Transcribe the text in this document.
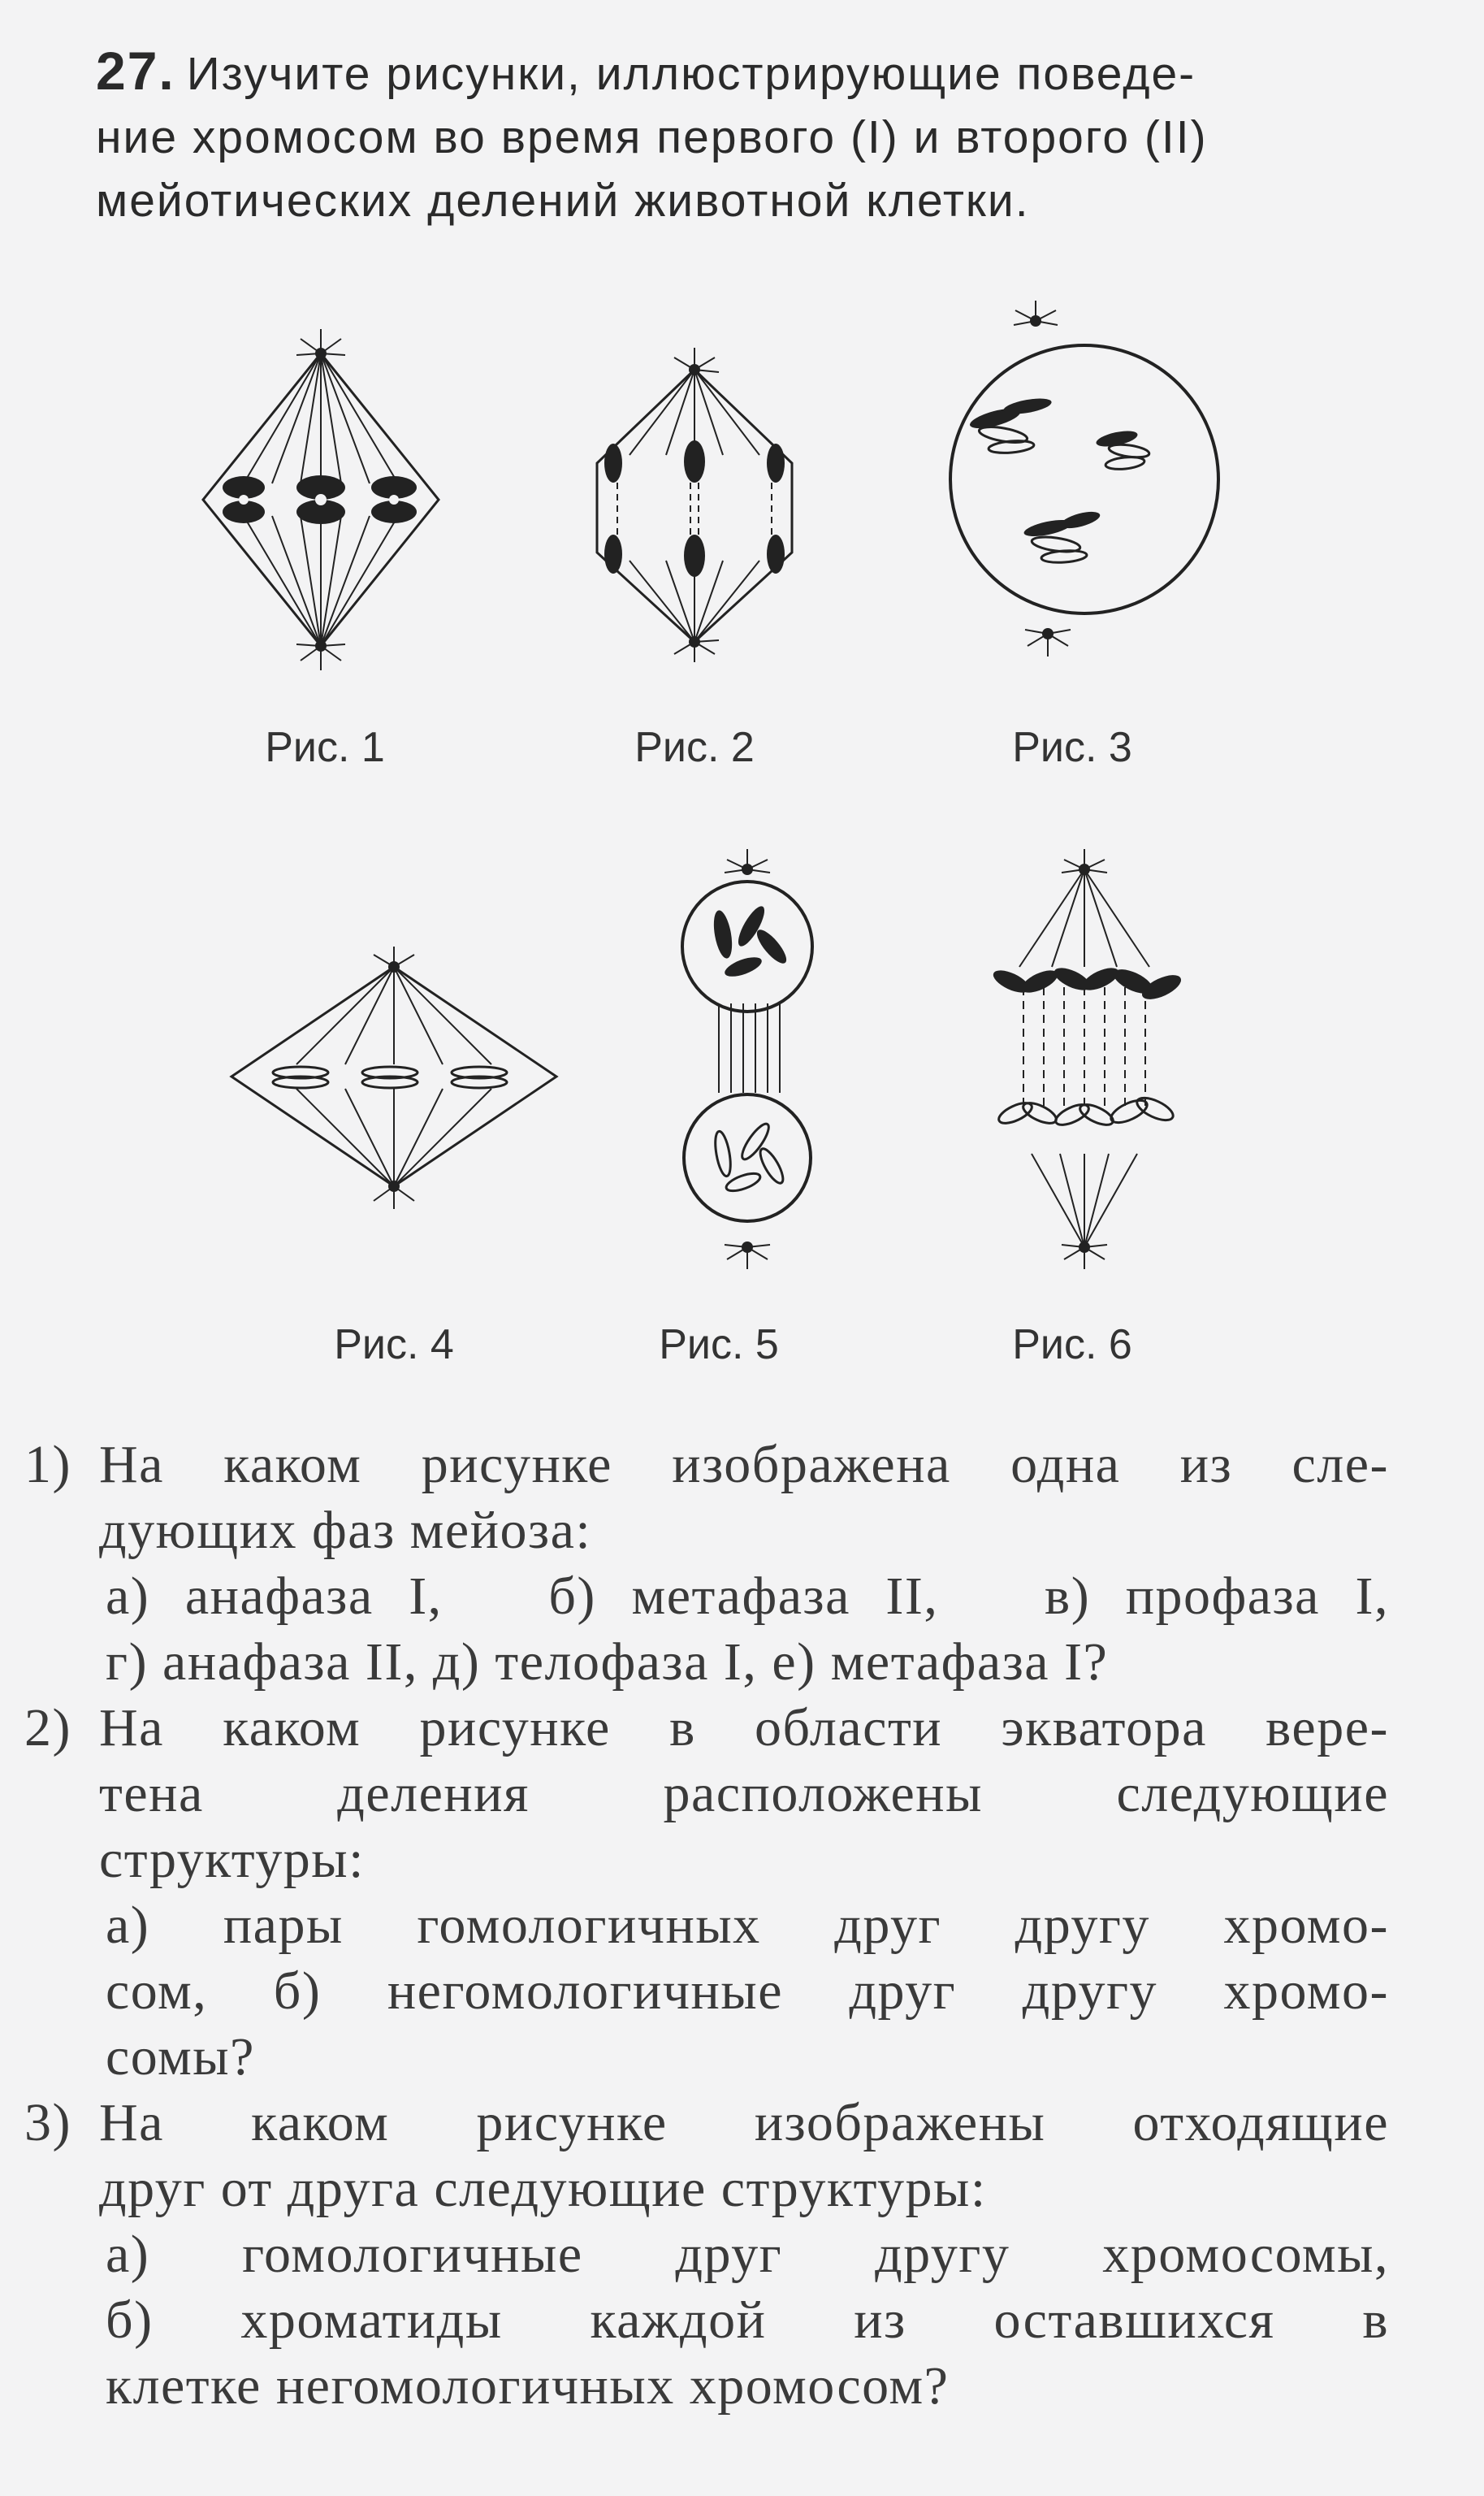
27. Изучите рисунки, иллюстрирующие поведе-
ние хромосом во время первого (I) и второго (II)
мейотических делений животной клетки.
Рис. 1	Рис. 2	Рис. 3
Рис. 4	Рис. 5	Рис. 6
1) На каком рисунке изображена одна из сле-
дующих фаз мейоза:
а) анафаза I,   б) метафаза II,   в) профаза I,
г) анафаза II, д) телофаза I, е) метафаза I?
2) На каком рисунке в области экватора вере-
тена деления расположены следующие
структуры:
а) пары гомологичных друг другу хромо-
сом, б) негомологичные друг другу хромо-
сомы?
3) На каком рисунке изображены отходящие
друг от друга следующие структуры:
а) гомологичные друг другу хромосомы,
б) хроматиды каждой из оставшихся в
клетке негомологичных хромосом?
